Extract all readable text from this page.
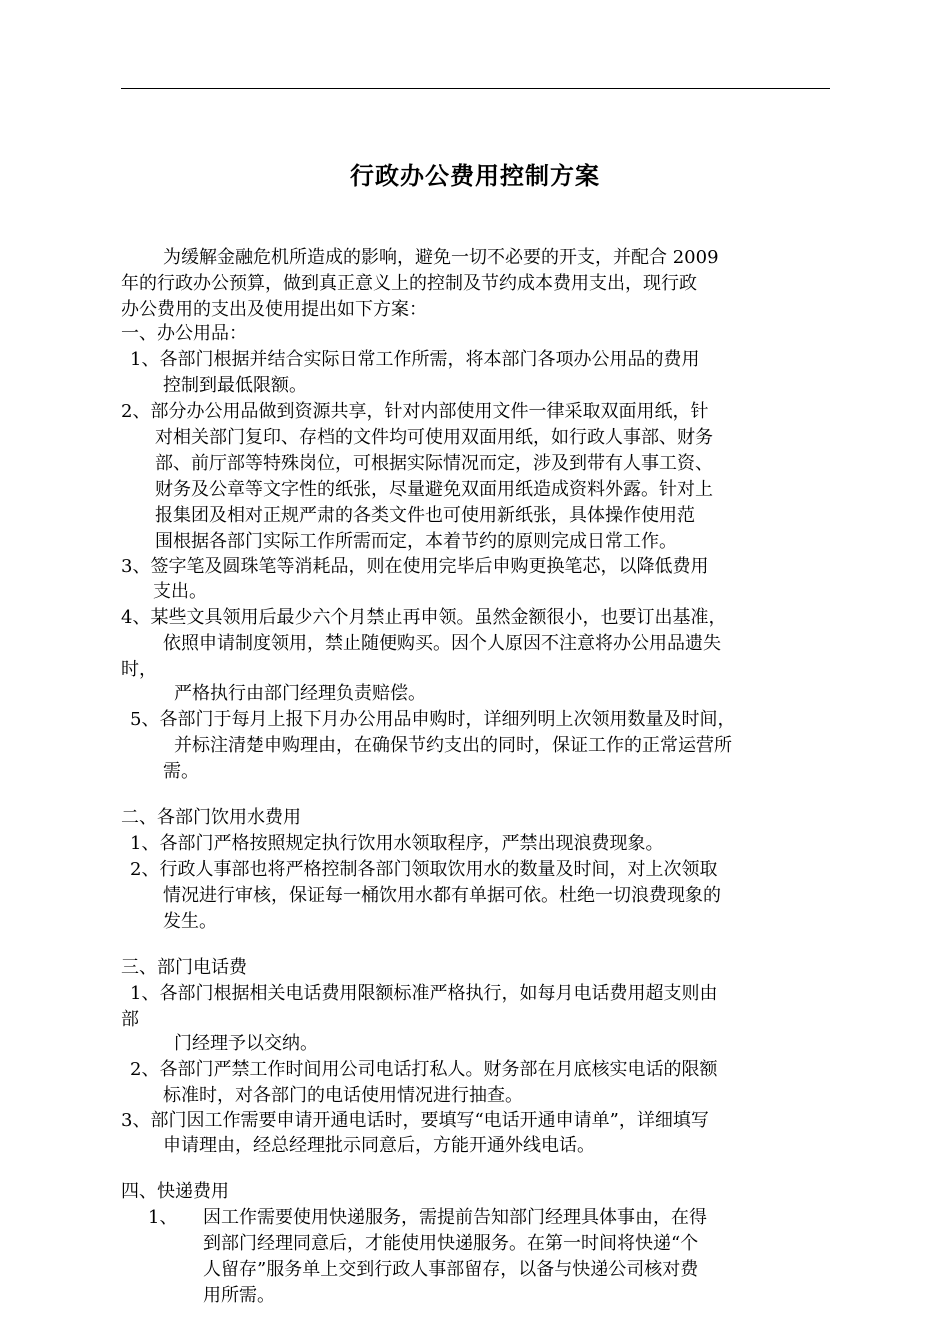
行政办公费用控制方案
为缓解金融危机所造成的影响，避免一切不必要的开支，并配合 2009
年的行政办公预算，做到真正意义上的控制及节约成本费用支出，现行政
办公费用的支出及使用提出如下方案：
一、办公用品：
1、各部门根据并结合实际日常工作所需，将本部门各项办公用品的费用
控制到最低限额。
2、部分办公用品做到资源共享，针对内部使用文件一律采取双面用纸，针
对相关部门复印、存档的文件均可使用双面用纸，如行政人事部、财务
部、前厅部等特殊岗位，可根据实际情况而定，涉及到带有人事工资、
财务及公章等文字性的纸张，尽量避免双面用纸造成资料外露。针对上
报集团及相对正规严肃的各类文件也可使用新纸张，具体操作使用范
围根据各部门实际工作所需而定，本着节约的原则完成日常工作。
3、签字笔及圆珠笔等消耗品，则在使用完毕后申购更换笔芯，以降低费用
支出。
4、某些文具领用后最少六个月禁止再申领。虽然金额很小，也要订出基准，
依照申请制度领用，禁止随便购买。因个人原因不注意将办公用品遗失
时，
严格执行由部门经理负责赔偿。
5、各部门于每月上报下月办公用品申购时，详细列明上次领用数量及时间，
并标注清楚申购理由，在确保节约支出的同时，保证工作的正常运营所
需。
二、各部门饮用水费用
1、各部门严格按照规定执行饮用水领取程序，严禁出现浪费现象。
2、行政人事部也将严格控制各部门领取饮用水的数量及时间，对上次领取
情况进行审核，保证每一桶饮用水都有单据可依。杜绝一切浪费现象的
发生。
三、部门电话费
1、各部门根据相关电话费用限额标准严格执行，如每月电话费用超支则由
部
门经理予以交纳。
2、各部门严禁工作时间用公司电话打私人。财务部在月底核实电话的限额
标准时，对各部门的电话使用情况进行抽查。
3、部门因工作需要申请开通电话时，要填写“电话开通申请单”，详细填写
申请理由，经总经理批示同意后，方能开通外线电话。
四、快递费用
1、 因工作需要使用快递服务，需提前告知部门经理具体事由，在得
到部门经理同意后，才能使用快递服务。在第一时间将快递“个
人留存”服务单上交到行政人事部留存，以备与快递公司核对费
用所需。
